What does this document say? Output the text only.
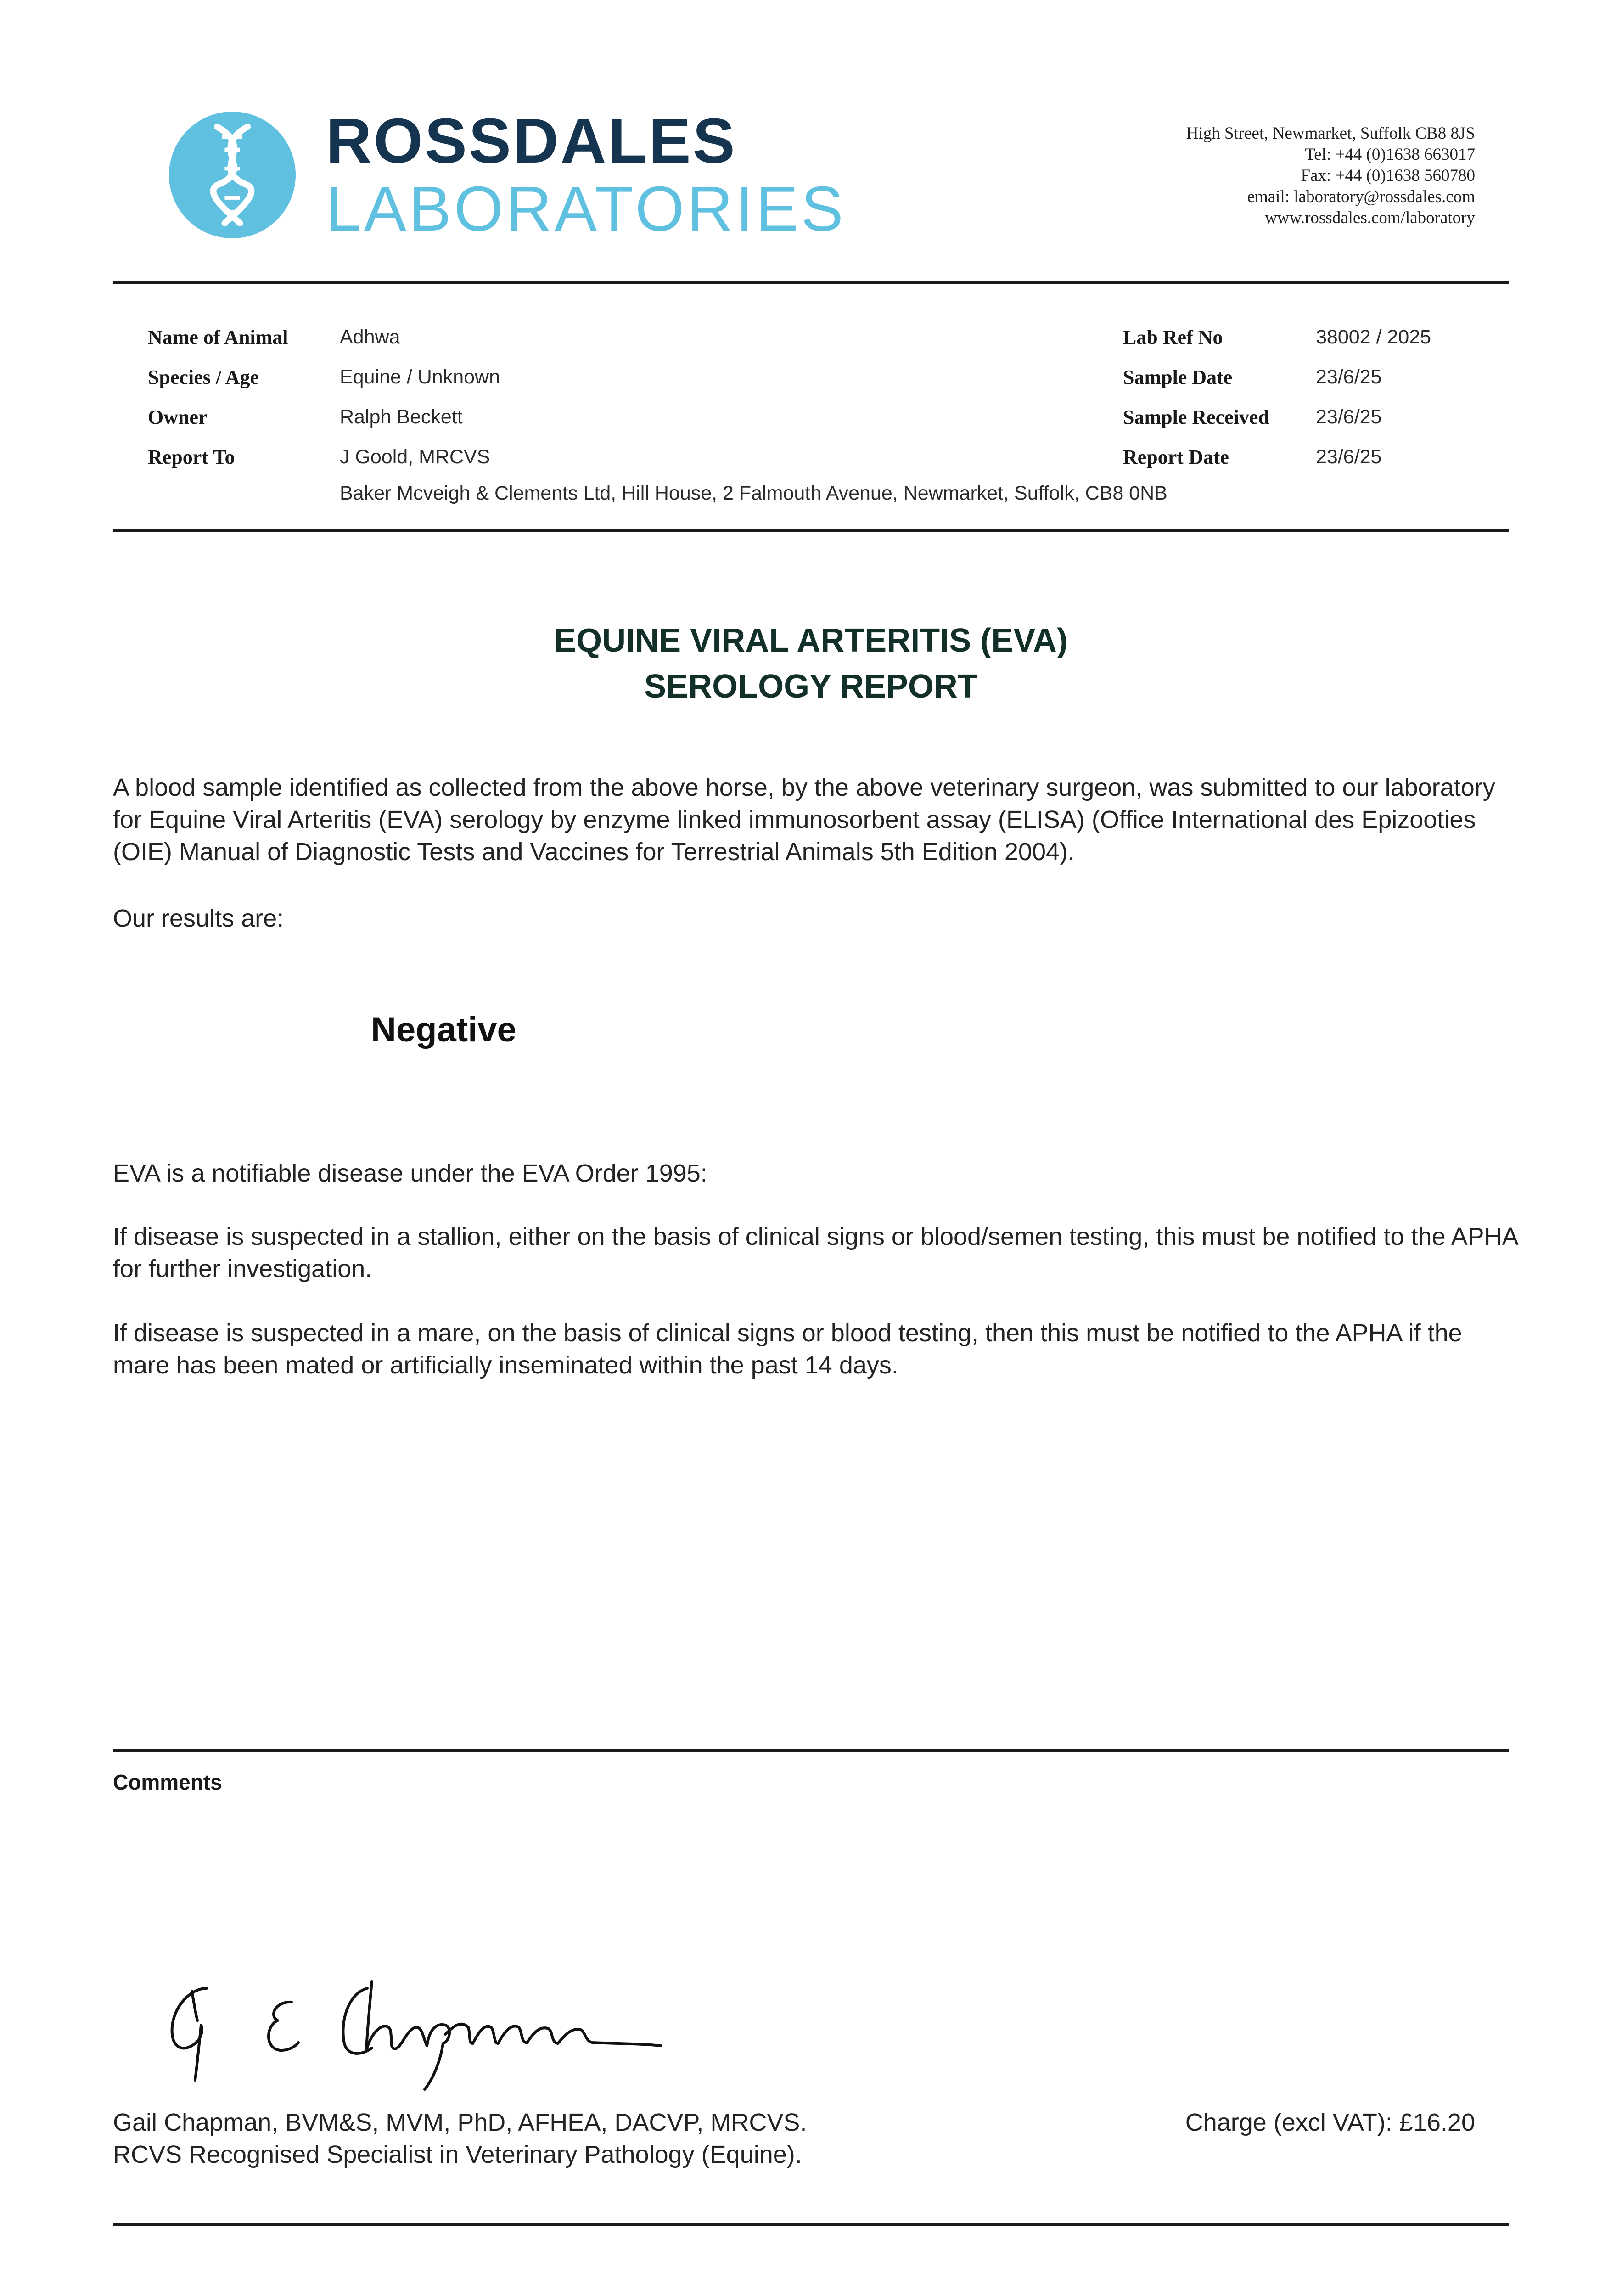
ROSSDALES
LABORATORIES
High Street, Newmarket, Suffolk CB8 8JS
Tel: +44 (0)1638 663017
Fax: +44 (0)1638 560780
email: laboratory@rossdales.com
www.rossdales.com/laboratory
Name of Animal	Adhwa
Species / Age	Equine / Unknown
Owner	Ralph Beckett
Report To	J Goold, MRCVS
Baker Mcveigh & Clements Ltd, Hill House, 2 Falmouth Avenue, Newmarket, Suffolk, CB8 0NB
Lab Ref No	38002 / 2025
Sample Date	23/6/25
Sample Received 23/6/25
Report Date	23/6/25
EQUINE VIRAL ARTERITIS (EVA)
SEROLOGY REPORT
A blood sample identified as collected from the above horse, by the above veterinary surgeon, was submitted to our laboratory for Equine Viral Arteritis (EVA) serology by enzyme linked immunosorbent assay (ELISA) (Office International des Epizooties (OIE) Manual of Diagnostic Tests and Vaccines for Terrestrial Animals 5th Edition 2004).
Our results are:
Negative
EVA is a notifiable disease under the EVA Order 1995:
If disease is suspected in a stallion, either on the basis of clinical signs or blood/semen testing, this must be notified to the APHA for further investigation.
If disease is suspected in a mare, on the basis of clinical signs or blood testing, then this must be notified to the APHA if the mare has been mated or artificially inseminated within the past 14 days.
Comments
Gail Chapman, BVM&S, MVM, PhD, AFHEA, DACVP, MRCVS.
RCVS Recognised Specialist in Veterinary Pathology (Equine).
Charge (excl VAT): £16.20
